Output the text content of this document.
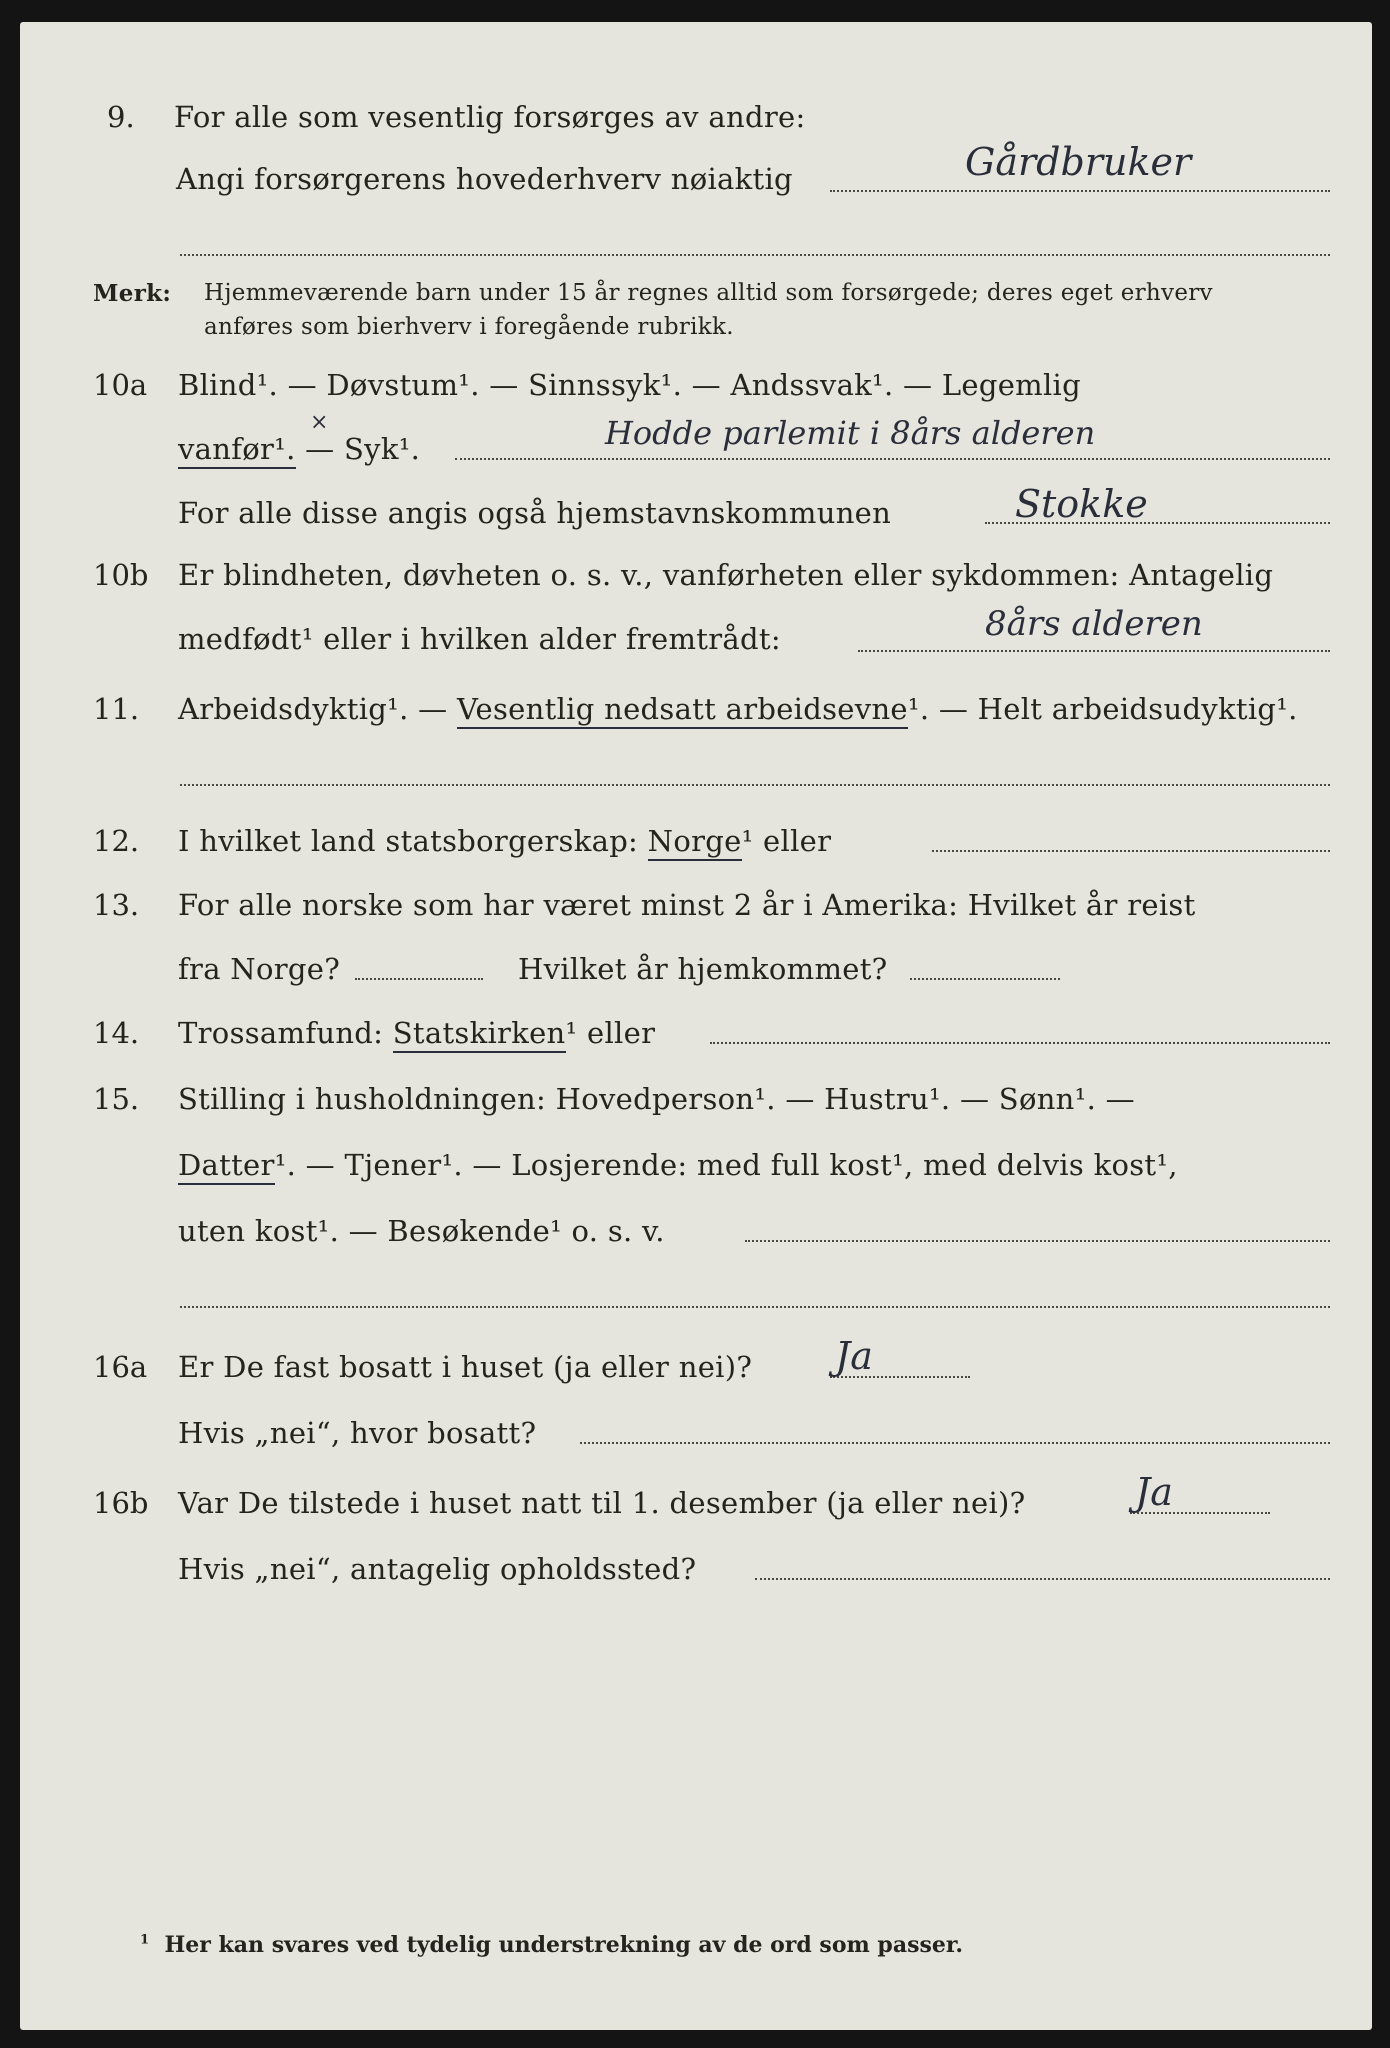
9. For alle som vesentlig forsørges av andre:
Angi forsørgerens hovederhverv nøiaktig	Gårdbruker
Merk: Hjemmeværende barn under 15 år regnes alltid som forsørgede; deres eget erhverv
anføres som bierhverv i foregående rubrikk.
10a Blind¹. — Døvstum¹. — Sinnssyk¹. — Andssvak¹. — Legemlig
vanfør¹. — Syk¹.	Hodde parlemit i 8års alderen
×
For alle disse angis også hjemstavnskommunen	Stokke
10b Er blindheten, døvheten o. s. v., vanførheten eller sykdommen: Antagelig
medfødt¹ eller i hvilken alder fremtrådt:	8års alderen
11. Arbeidsdyktig¹. — Vesentlig nedsatt arbeidsevne¹. — Helt arbeidsudyktig¹.
12. I hvilket land statsborgerskap: Norge¹ eller
13. For alle norske som har været minst 2 år i Amerika: Hvilket år reist
fra Norge?	Hvilket år hjemkommet?
14. Trossamfund: Statskirken¹ eller
15. Stilling i husholdningen: Hovedperson¹. — Hustru¹. — Sønn¹. —
Datter¹. — Tjener¹. — Losjerende: med full kost¹, med delvis kost¹,
uten kost¹. — Besøkende¹ o. s. v.
16a Er De fast bosatt i huset (ja eller nei)? Ja
Hvis „nei“, hvor bosatt?
16b Var De tilstede i huset natt til 1. desember (ja eller nei)?	Ja
Hvis „nei“, antagelig opholdssted?
$^1$ Her kan svares ved tydelig understrekning av de ord som passer.
